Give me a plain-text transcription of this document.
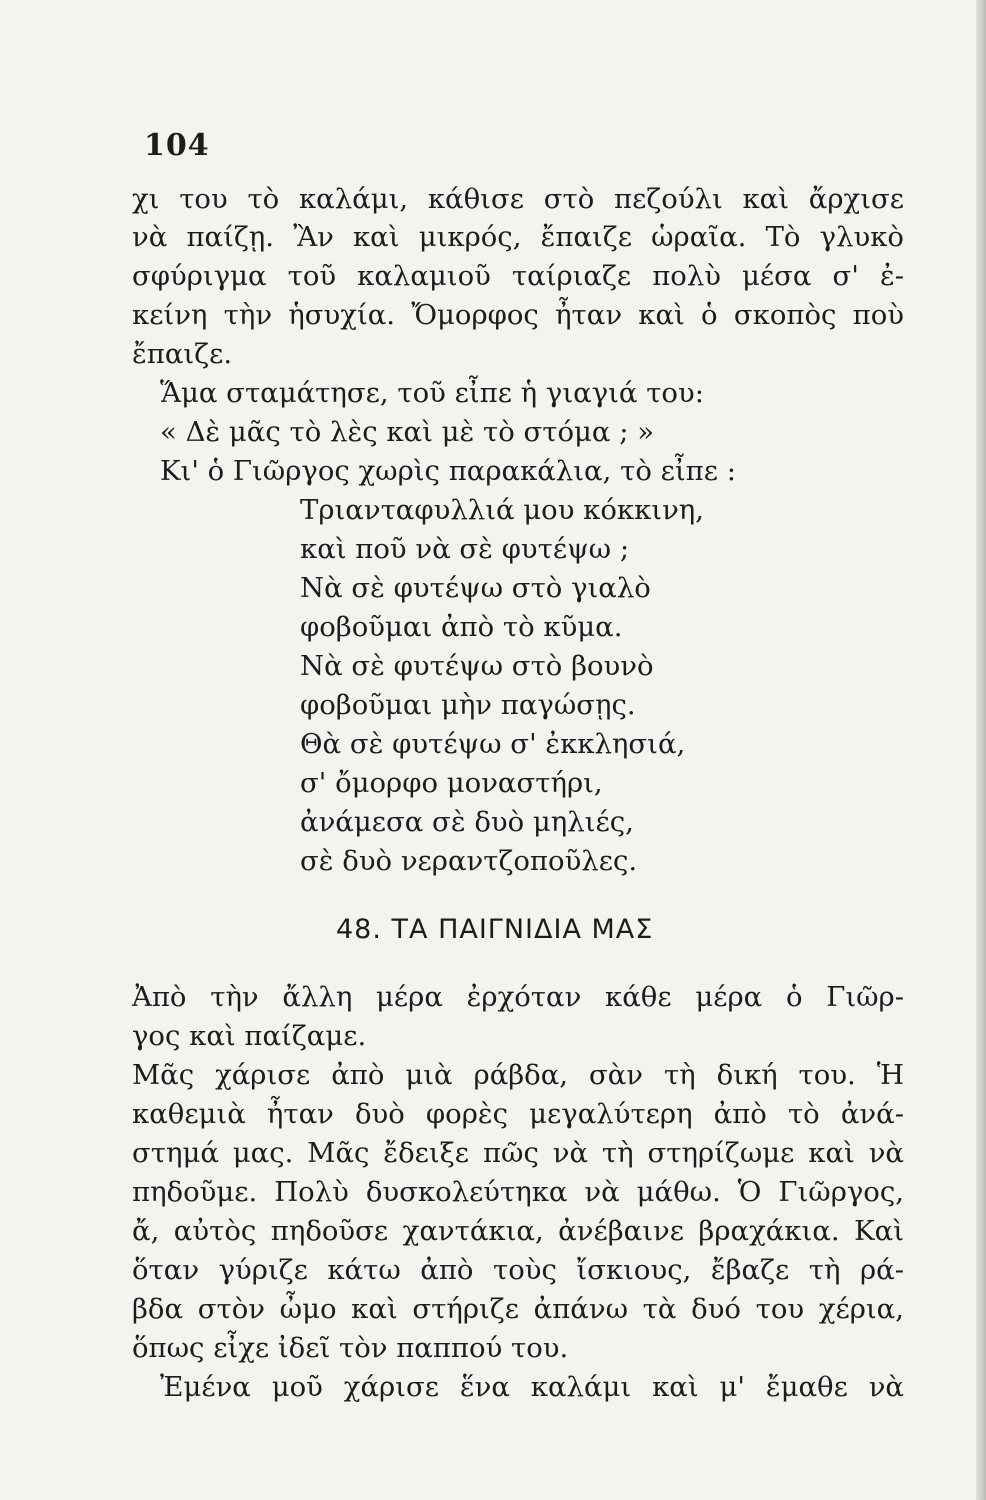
104
χι του τὸ καλάμι, κάθισε στὸ πεζούλι καὶ ἄρχισε
νὰ παίζῃ. Ἂν καὶ μικρός, ἔπαιζε ὡραῖα. Τὸ γλυκὸ
σφύριγμα τοῦ καλαμιοῦ ταίριαζε πολὺ μέσα σ' ἐ-
κείνη τὴν ἡσυχία. Ὄμορφος ἦταν καὶ ὁ σκοπὸς ποὺ
ἔπαιζε.
Ἅμα σταμάτησε, τοῦ εἶπε ἡ γιαγιά του:
« Δὲ μᾶς τὸ λὲς καὶ μὲ τὸ στόμα ; »
Κι' ὁ Γιῶργος χωρὶς παρακάλια, τὸ εἶπε :
Τριανταφυλλιά μου κόκκινη,
καὶ ποῦ νὰ σὲ φυτέψω ;
Νὰ σὲ φυτέψω στὸ γιαλὸ
φοβοῦμαι ἀπὸ τὸ κῦμα.
Νὰ σὲ φυτέψω στὸ βουνὸ
φοβοῦμαι μὴν παγώσῃς.
Θὰ σὲ φυτέψω σ' ἐκκλησιά,
σ' ὄμορφο μοναστήρι,
ἀνάμεσα σὲ δυὸ μηλιές,
σὲ δυὸ νεραντζοποῦλες.
48. ΤΑ ΠΑΙΓΝΙΔΙΑ ΜΑΣ
Ἀπὸ τὴν ἄλλη μέρα ἐρχόταν κάθε μέρα ὁ Γιῶρ-
γος καὶ παίζαμε.
Μᾶς χάρισε ἀπὸ μιὰ ράβδα, σὰν τὴ δική του. Ἡ
καθεμιὰ ἦταν δυὸ φορὲς μεγαλύτερη ἀπὸ τὸ ἀνά-
στημά μας. Μᾶς ἔδειξε πῶς νὰ τὴ στηρίζωμε καὶ νὰ
πηδοῦμε. Πολὺ δυσκολεύτηκα νὰ μάθω. Ὁ Γιῶργος,
ἄ, αὐτὸς πηδοῦσε χαντάκια, ἀνέβαινε βραχάκια. Καὶ
ὅταν γύριζε κάτω ἀπὸ τοὺς ἴσκιους, ἔβαζε τὴ ρά-
βδα στὸν ὦμο καὶ στήριζε ἀπάνω τὰ δυό του χέρια,
ὅπως εἶχε ἰδεῖ τὸν παππού του.
Ἐμένα μοῦ χάρισε ἕνα καλάμι καὶ μ' ἔμαθε νὰ
